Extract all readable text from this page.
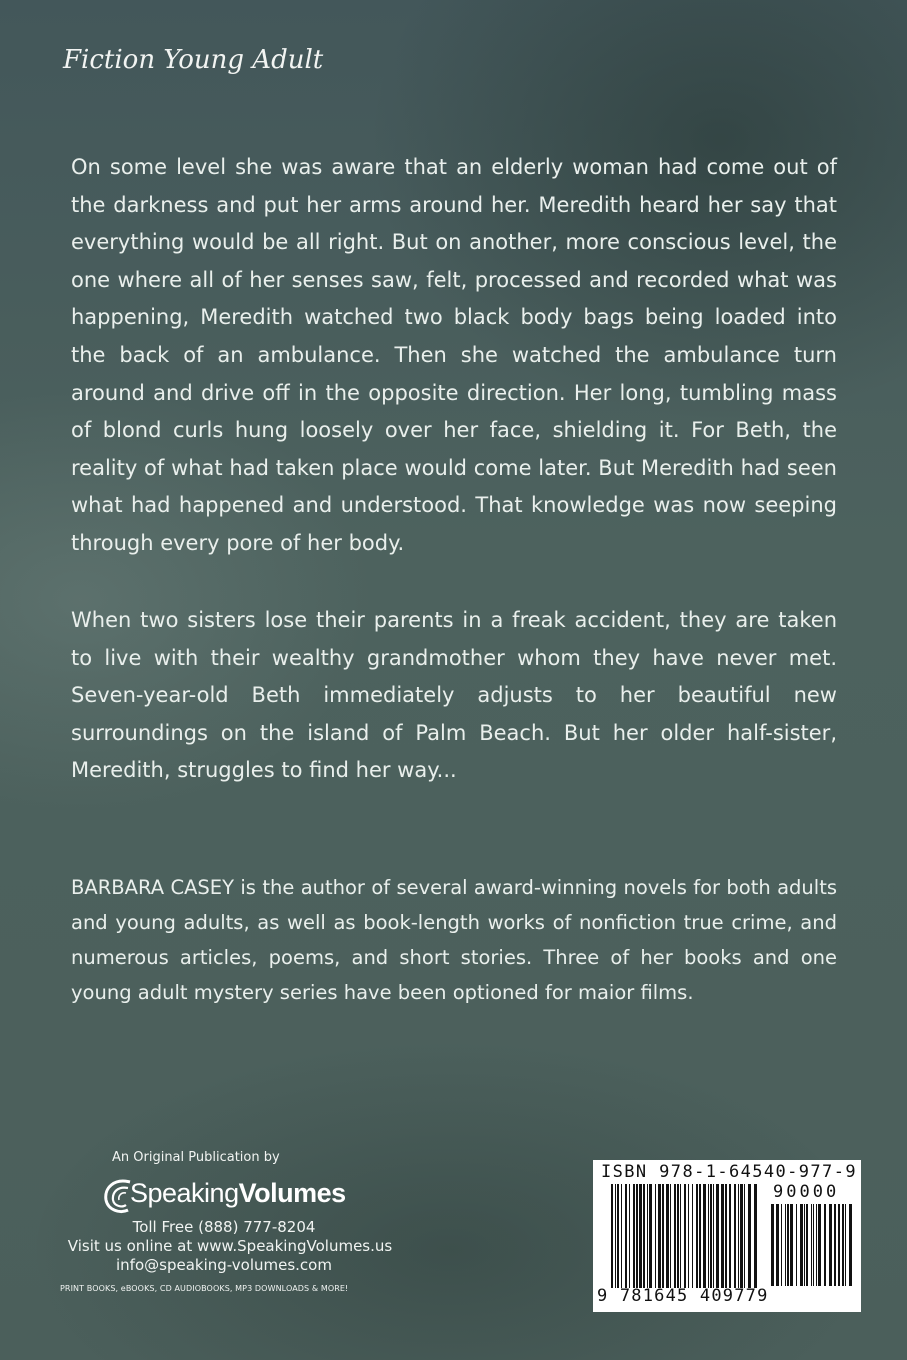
Fiction Young Adult

On some level she was aware that an elderly woman had come out of the darkness and put her arms around her. Meredith heard her say that everything would be all right. But on another, more conscious level, the one where all of her senses saw, felt, processed and recorded what was happening, Meredith watched two black body bags being loaded into the back of an ambulance. Then she watched the ambulance turn around and drive off in the opposite direction. Her long, tumbling mass of blond curls hung loosely over her face, shielding it. For Beth, the reality of what had taken place would come later. But Meredith had seen what had happened and understood. That knowledge was now seeping through every pore of her body.

When two sisters lose their parents in a freak accident, they are taken to live with their wealthy grandmother whom they have never met. Seven-year-old Beth immediately adjusts to her beautiful new surroundings on the island of Palm Beach. But her older half-sister, Meredith, struggles to find her way...

BARBARA CASEY is the author of several award-winning novels for both adults and young adults, as well as book-length works of nonfiction true crime, and numerous articles, poems, and short stories. Three of her books and one young adult mystery series have been optioned for maior films.

An Original Publication by
SpeakingVolumes
Toll Free (888) 777-8204
Visit us online at www.SpeakingVolumes.us
info@speaking-volumes.com
PRINT BOOKS, eBOOKS, CD AUDIOBOOKS, MP3 DOWNLOADS & MORE!
ISBN 978-1-64540-977-9
90000
9 781645 409779
